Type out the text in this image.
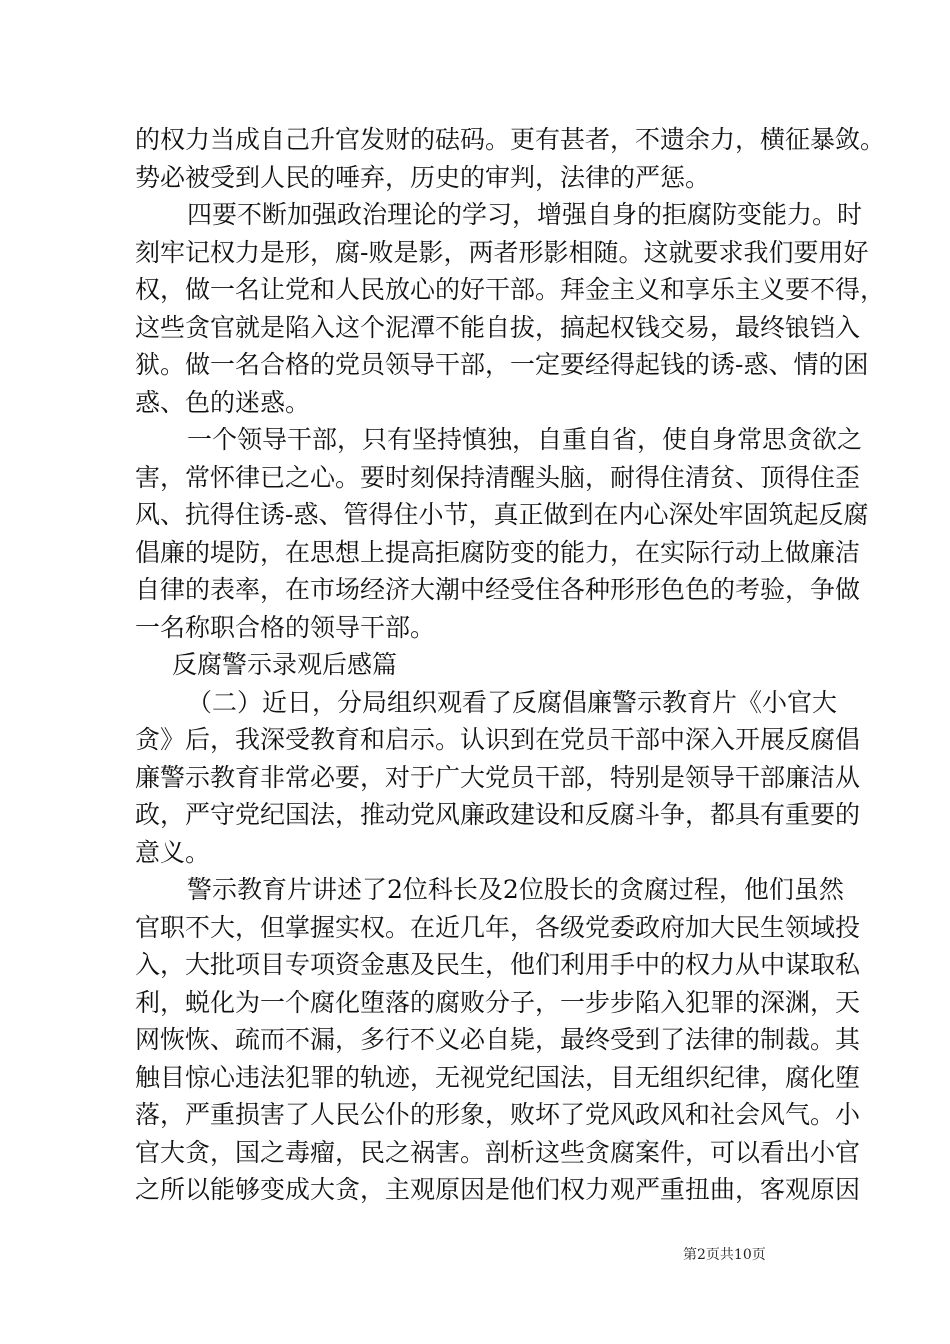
的权力当成自己升官发财的砝码。更有甚者，不遗余力，横征暴敛。
势必被受到人民的唾弃，历史的审判，法律的严惩。
四要不断加强政治理论的学习，增强自身的拒腐防变能力。时
刻牢记权力是形，腐-败是影，两者形影相随。这就要求我们要用好
权，做一名让党和人民放心的好干部。拜金主义和享乐主义要不得，
这些贪官就是陷入这个泥潭不能自拔，搞起权钱交易，最终锒铛入
狱。做一名合格的党员领导干部，一定要经得起钱的诱-惑、情的困
惑、色的迷惑。
一个领导干部，只有坚持慎独，自重自省，使自身常思贪欲之
害，常怀律已之心。要时刻保持清醒头脑，耐得住清贫、顶得住歪
风、抗得住诱-惑、管得住小节，真正做到在内心深处牢固筑起反腐
倡廉的堤防，在思想上提高拒腐防变的能力，在实际行动上做廉洁
自律的表率，在市场经济大潮中经受住各种形形色色的考验，争做
一名称职合格的领导干部。
反腐警示录观后感篇
（二）近日，分局组织观看了反腐倡廉警示教育片《小官大
贪》后，我深受教育和启示。认识到在党员干部中深入开展反腐倡
廉警示教育非常必要，对于广大党员干部，特别是领导干部廉洁从
政，严守党纪国法，推动党风廉政建设和反腐斗争，都具有重要的
意义。
警示教育片讲述了2位科长及2位股长的贪腐过程，他们虽然
官职不大，但掌握实权。在近几年，各级党委政府加大民生领域投
入，大批项目专项资金惠及民生，他们利用手中的权力从中谋取私
利，蜕化为一个腐化堕落的腐败分子，一步步陷入犯罪的深渊，天
网恢恢、疏而不漏，多行不义必自毙，最终受到了法律的制裁。其
触目惊心违法犯罪的轨迹，无视党纪国法，目无组织纪律，腐化堕
落，严重损害了人民公仆的形象，败坏了党风政风和社会风气。小
官大贪，国之毒瘤，民之祸害。剖析这些贪腐案件，可以看出小官
之所以能够变成大贪，主观原因是他们权力观严重扭曲，客观原因
第2页共10页
